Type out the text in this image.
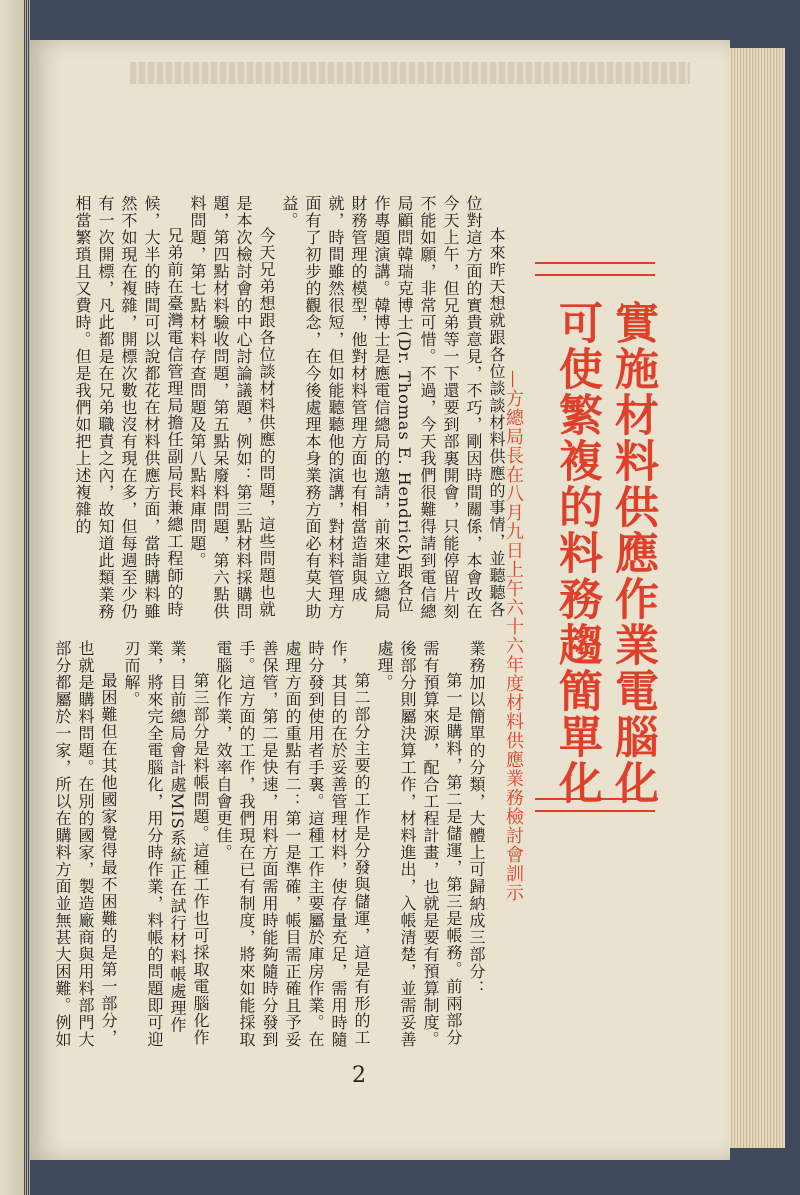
實施材料供應作業電腦化
可使繁複的料務趨簡單化
—方總局長在八月九日上午六十六年度材料供應業務檢討會訓示

本來昨天想就跟各位談談材料供應的事情，並聽聽各位對這方面的實貴意見，不巧，剛因時間關係，本會改在今天上午，但兄弟等一下還要到部裏開會，只能停留片刻不能如願，非常可惜。不過，今天我們很難得請到電信總局顧問韓瑞克博士(Dr. Thomas E. Hendrick)跟各位作專題演講。韓博士是應電信總局的邀請，前來建立總局財務管理的模型，他對材料管理方面也有相當造詣與成就，時間雖然很短，但如能聽聽他的演講，對材料管理方面有了初步的觀念，在今後處理本身業務方面必有莫大助益。

今天兄弟想跟各位談材料供應的問題，這些問題也就是本次檢討會的中心討論議題，例如：第三點材料採購問題，第四點材料驗收問題，第五點呆廢料問題，第六點供料問題，第七點材料存查問題及第八點料庫問題。

兄弟前在臺灣電信管理局擔任副局長兼總工程師的時候，大半的時間可以說都花在材料供應方面，當時購料雖然不如現在複雜，開標次數也沒有現在多，但每週至少仍有一次開標，凡此都是在兄弟職責之內，故知道此類業務相當繁瑣且又費時。但是我們如把上述複雜的

業務加以簡單的分類，大體上可歸納成三部分：

第一是購料，第二是儲運，第三是帳務。前兩部分需有預算來源，配合工程計畫，也就是要有預算制度。後部分則屬決算工作，材料進出，入帳清楚，並需妥善處理。

第二部分主要的工作是分發與儲運，這是有形的工作，其目的在於妥善管理材料，使存量充足，需用時隨時分發到使用者手裏。這種工作主要屬於庫房作業。在處理方面的重點有二：第一是準確，帳目需正確且予妥善保管，第二是快速，用料方面需用時能夠隨時分發到手。這方面的工作，我們現在已有制度，將來如能採取電腦化作業，效率自會更佳。

第三部分是料帳問題。這種工作也可採取電腦化作業，目前總局會計處MIS系統正在試行材料帳處理作業，將來完全電腦化，用分時作業，料帳的問題即可迎刃而解。

最困難但在其他國家覺得最不困難的是第一部分，也就是購料問題。在別的國家，製造廠商與用料部門大部分都屬於一家，所以在購料方面並無甚大困難。例如

2
